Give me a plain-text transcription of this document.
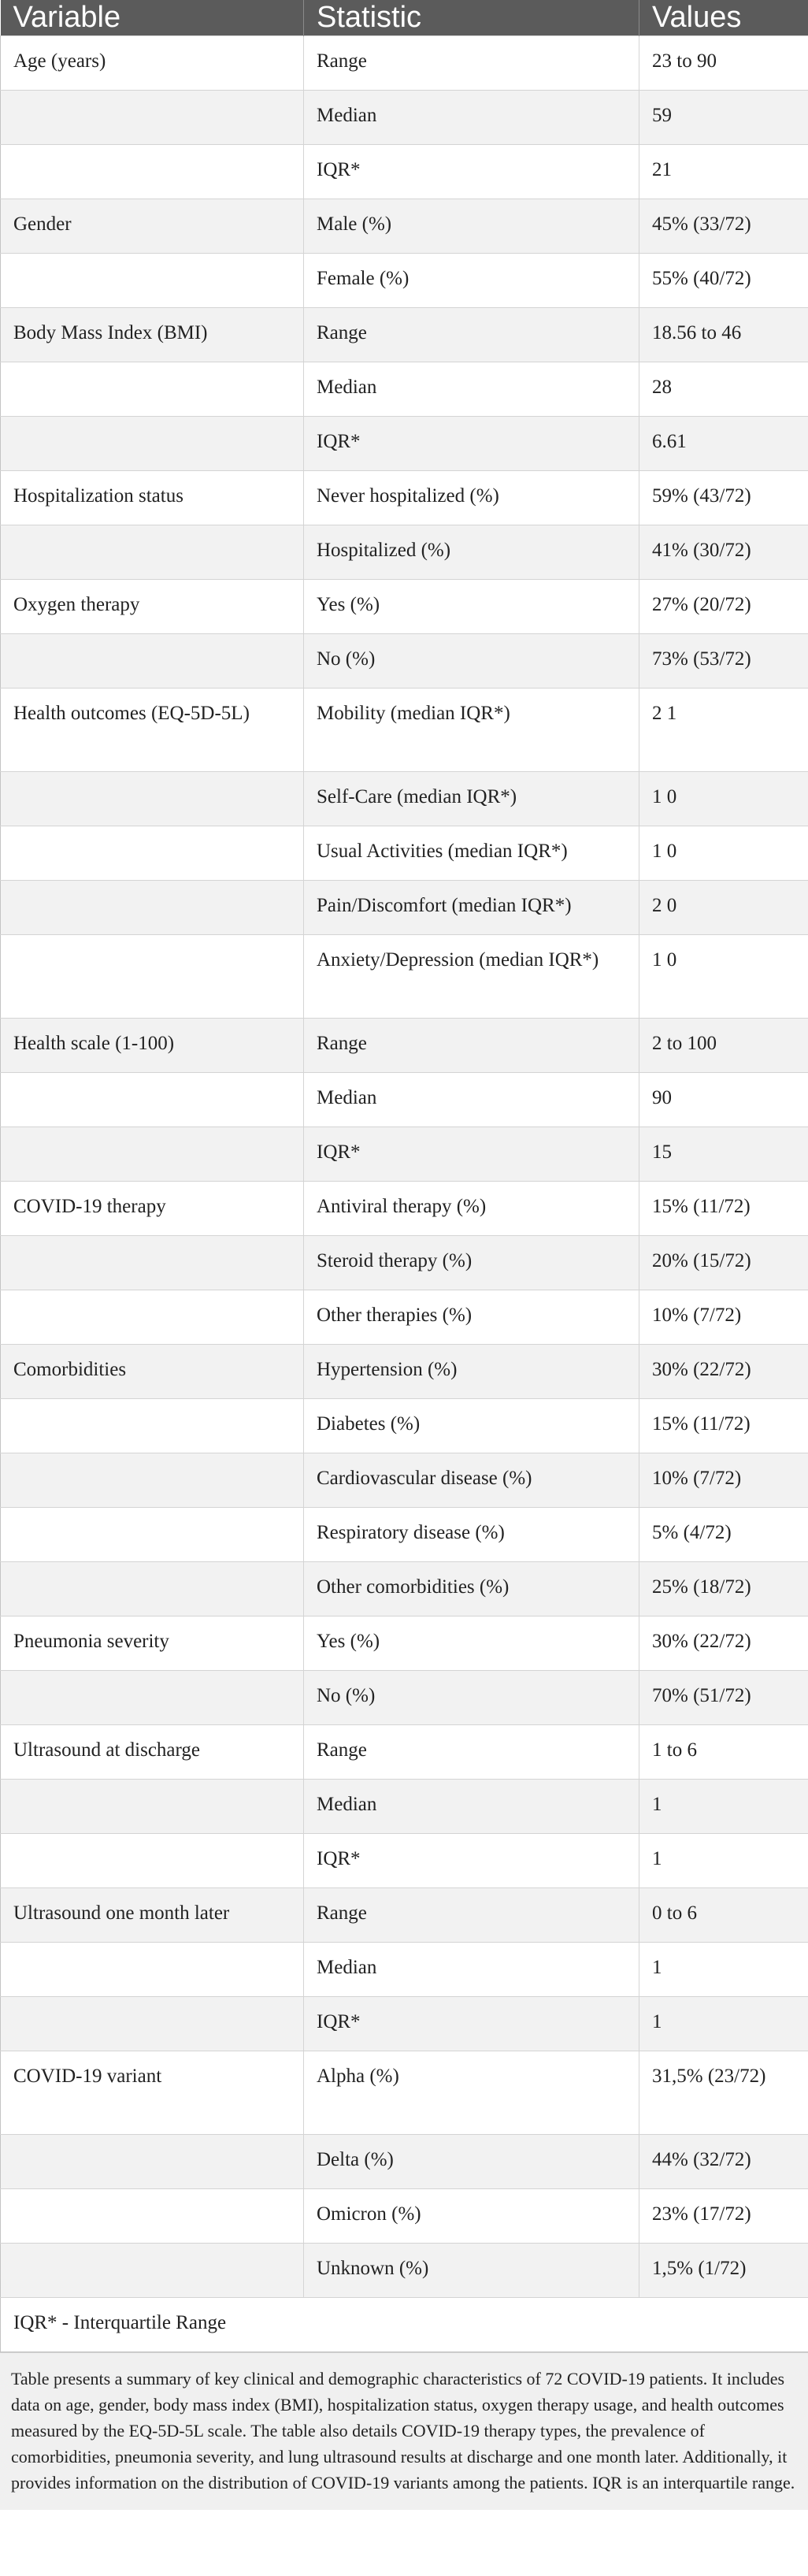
Variable	Statistic	Values
Age (years)	Range	23 to 90
	Median	59
	IQR*	21
Gender	Male (%)	45% (33/72)
	Female (%)	55% (40/72)
Body Mass Index (BMI)	Range	18.56 to 46
	Median	28
	IQR*	6.61
Hospitalization status	Never hospitalized (%)	59% (43/72)
	Hospitalized (%)	41% (30/72)
Oxygen therapy	Yes (%)	27% (20/72)
	No (%)	73% (53/72)
Health outcomes (EQ-5D-5L)	Mobility (median IQR*)	2 1
	Self-Care (median IQR*)	1 0
	Usual Activities (median IQR*)	1 0
	Pain/Discomfort (median IQR*)	2 0
	Anxiety/Depression (median IQR*)	1 0
Health scale (1-100)	Range	2 to 100
	Median	90
	IQR*	15
COVID-19 therapy	Antiviral therapy (%)	15% (11/72)
	Steroid therapy (%)	20% (15/72)
	Other therapies (%)	10% (7/72)
Comorbidities	Hypertension (%)	30% (22/72)
	Diabetes (%)	15% (11/72)
	Cardiovascular disease (%)	10% (7/72)
	Respiratory disease (%)	5% (4/72)
	Other comorbidities (%)	25% (18/72)
Pneumonia severity	Yes (%)	30% (22/72)
	No (%)	70% (51/72)
Ultrasound at discharge	Range	1 to 6
	Median	1
	IQR*	1
Ultrasound one month later	Range	0 to 6
	Median	1
	IQR*	1
COVID-19 variant	Alpha (%)	31,5% (23/72)
	Delta (%)	44% (32/72)
	Omicron (%)	23% (17/72)
	Unknown (%)	1,5% (1/72)
IQR* - Interquartile Range		
Table presents a summary of key clinical and demographic characteristics of 72 COVID-19 patients. It includes data on age, gender, body mass index (BMI), hospitalization status, oxygen therapy usage, and health outcomes measured by the EQ-5D-5L scale. The table also details COVID-19 therapy types, the prevalence of comorbidities, pneumonia severity, and lung ultrasound results at discharge and one month later. Additionally, it provides information on the distribution of COVID-19 variants among the patients. IQR is an interquartile range.
